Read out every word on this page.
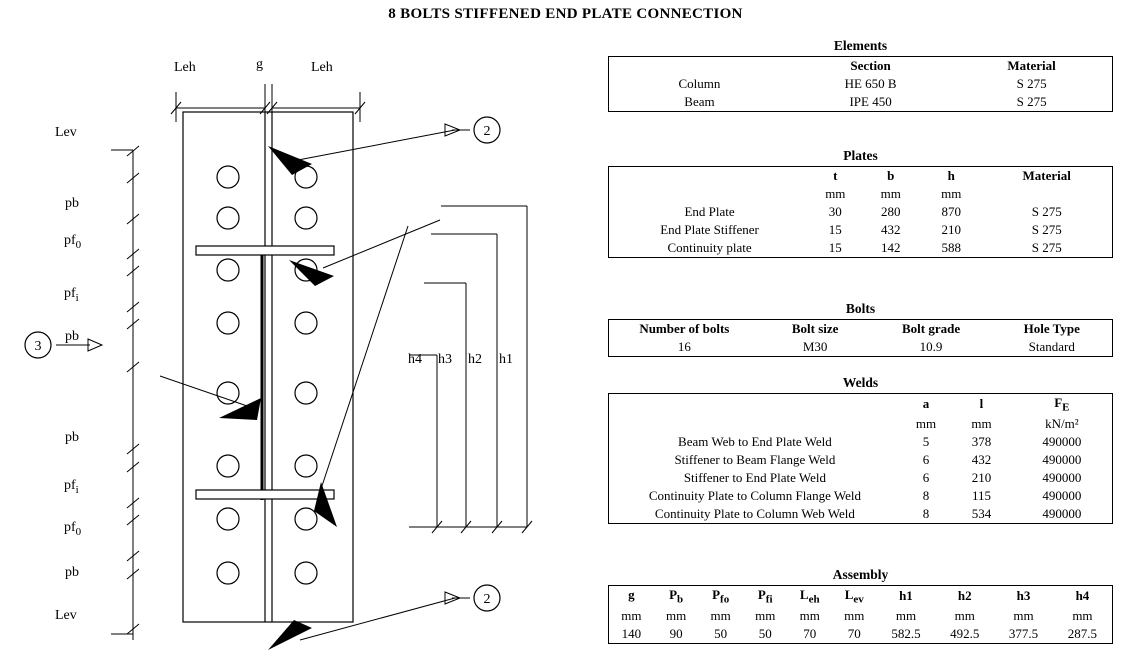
8 BOLTS STIFFENED END PLATE CONNECTION
2
2
3
Leh	g	Leh
Lev
pb
$pf_0$
$pf_i$
pb
pb
$pf_i$
$pf_0$
pb
Lev
h4 h3 h2 h1
Elements
	Section	Material
Column	HE 650 B	S 275
Beam	IPE 450	S 275
Plates
	t	b	h	Material
	mm	mm	mm	
End Plate	30	280	870	S 275
End Plate Stiffener	15	432	210	S 275
Continuity plate	15	142	588	S 275
Bolts
Number of bolts	Bolt size	Bolt grade	Hole Type
16	M30	10.9	Standard
Welds
	a	l	$F_E$
	mm	mm	kN/m²
Beam Web to End Plate Weld	5	378	490000
Stiffener to Beam Flange Weld	6	432	490000
Stiffener to End Plate Weld	6	210	490000
Continuity Plate to Column Flange Weld	8	115	490000
Continuity Plate to Column Web Weld	8	534	490000
Assembly
g	$P_b$	$P_{fo}$	$P_{fi}$	$L_{eh}$	$L_{ev}$	h1	h2	h3	h4
mm	mm	mm	mm	mm	mm	mm	mm	mm	mm
140	90	50	50	70	70	582.5	492.5	377.5	287.5
